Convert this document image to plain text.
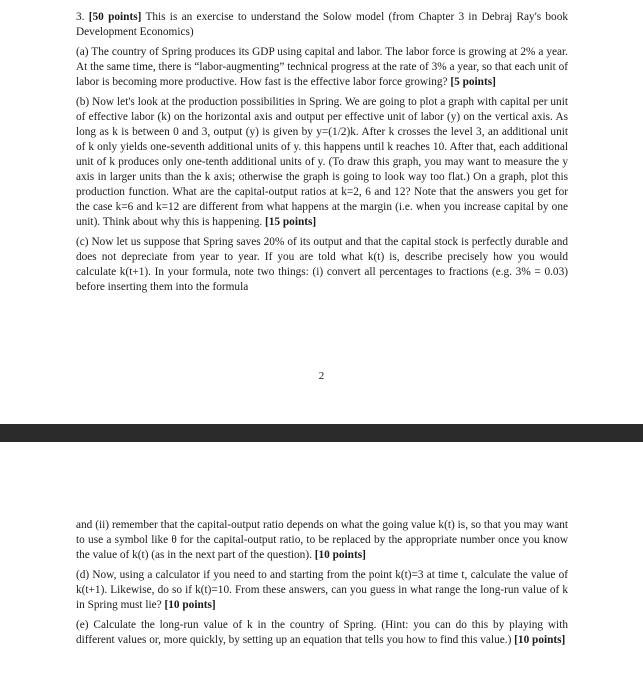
3. [50 points] This is an exercise to understand the Solow model (from Chapter 3 in Debraj Ray's book Development Economics)

(a) The country of Spring produces its GDP using capital and labor. The labor force is growing at 2% a year. At the same time, there is “labor-augmenting” technical progress at the rate of 3% a year, so that each unit of labor is becoming more productive. How fast is the effective labor force growing? [5 points]

(b) Now let's look at the production possibilities in Spring. We are going to plot a graph with capital per unit of effective labor (k) on the horizontal axis and output per effective unit of labor (y) on the vertical axis. As long as k is between 0 and 3, output (y) is given by y=(1/2)k. After k crosses the level 3, an additional unit of k only yields one-seventh additional units of y. this happens until k reaches 10. After that, each additional unit of k produces only one-tenth additional units of y. (To draw this graph, you may want to measure the y axis in larger units than the k axis; otherwise the graph is going to look way too flat.) On a graph, plot this production function. What are the capital-output ratios at k=2, 6 and 12? Note that the answers you get for the case k=6 and k=12 are different from what happens at the margin (i.e. when you increase capital by one unit). Think about why this is happening. [15 points]

(c) Now let us suppose that Spring saves 20% of its output and that the capital stock is perfectly durable and does not depreciate from year to year. If you are told what k(t) is, describe precisely how you would calculate k(t+1). In your formula, note two things: (i) convert all percentages to fractions (e.g. 3% = 0.03) before inserting them into the formula

2

and (ii) remember that the capital-output ratio depends on what the going value k(t) is, so that you may want to use a symbol like θ for the capital-output ratio, to be replaced by the appropriate number once you know the value of k(t) (as in the next part of the question). [10 points]

(d) Now, using a calculator if you need to and starting from the point k(t)=3 at time t, calculate the value of k(t+1). Likewise, do so if k(t)=10. From these answers, can you guess in what range the long-run value of k in Spring must lie? [10 points]

(e) Calculate the long-run value of k in the country of Spring. (Hint: you can do this by playing with different values or, more quickly, by setting up an equation that tells you how to find this value.) [10 points]
